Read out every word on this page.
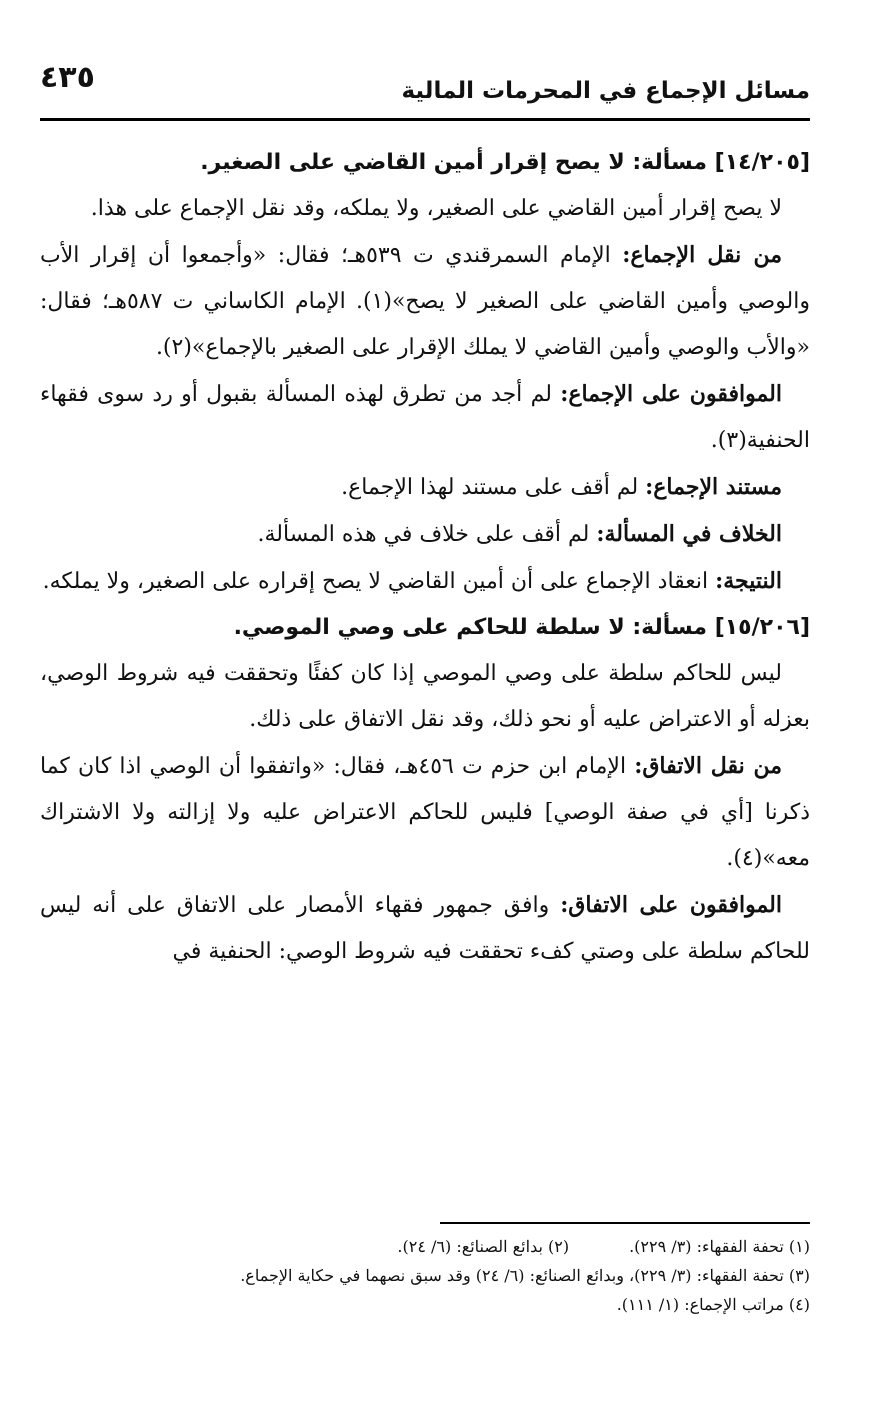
٤٣٥	مسائل الإجماع في المحرمات المالية

[١٤/٢٠٥] مسألة: لا يصح إقرار أمين القاضي على الصغير.

لا يصح إقرار أمين القاضي على الصغير، ولا يملكه، وقد نقل الإجماع على هذا.

من نقل الإجماع: الإمام السمرقندي ت ٥٣٩هـ؛ فقال: «وأجمعوا أن إقرار الأب والوصي وأمين القاضي على الصغير لا يصح»(١). الإمام الكاساني ت ٥٨٧هـ؛ فقال: «والأب والوصي وأمين القاضي لا يملك الإقرار على الصغير بالإجماع»(٢).

الموافقون على الإجماع: لم أجد من تطرق لهذه المسألة بقبول أو رد سوى فقهاء الحنفية(٣).

مستند الإجماع: لم أقف على مستند لهذا الإجماع.

الخلاف في المسألة: لم أقف على خلاف في هذه المسألة.

النتيجة: انعقاد الإجماع على أن أمين القاضي لا يصح إقراره على الصغير، ولا يملكه.

[١٥/٢٠٦] مسألة: لا سلطة للحاكم على وصي الموصي.

ليس للحاكم سلطة على وصي الموصي إذا كان كفئًا وتحققت فيه شروط الوصي، بعزله أو الاعتراض عليه أو نحو ذلك، وقد نقل الاتفاق على ذلك.

من نقل الاتفاق: الإمام ابن حزم ت ٤٥٦هـ، فقال: «واتفقوا أن الوصي اذا كان كما ذكرنا [أي في صفة الوصي] فليس للحاكم الاعتراض عليه ولا إزالته ولا الاشتراك معه»(٤).

الموافقون على الاتفاق: وافق جمهور فقهاء الأمصار على الاتفاق على أنه ليس للحاكم سلطة على وصتي كفء تحققت فيه شروط الوصي: الحنفية في

(١) تحفة الفقهاء: (٣/ ٢٢٩).

(٢) بدائع الصنائع: (٦/ ٢٤).

(٣) تحفة الفقهاء: (٣/ ٢٢٩)، وبدائع الصنائع: (٦/ ٢٤) وقد سبق نصهما في حكاية الإجماع.

(٤) مراتب الإجماع: (١/ ١١١).
